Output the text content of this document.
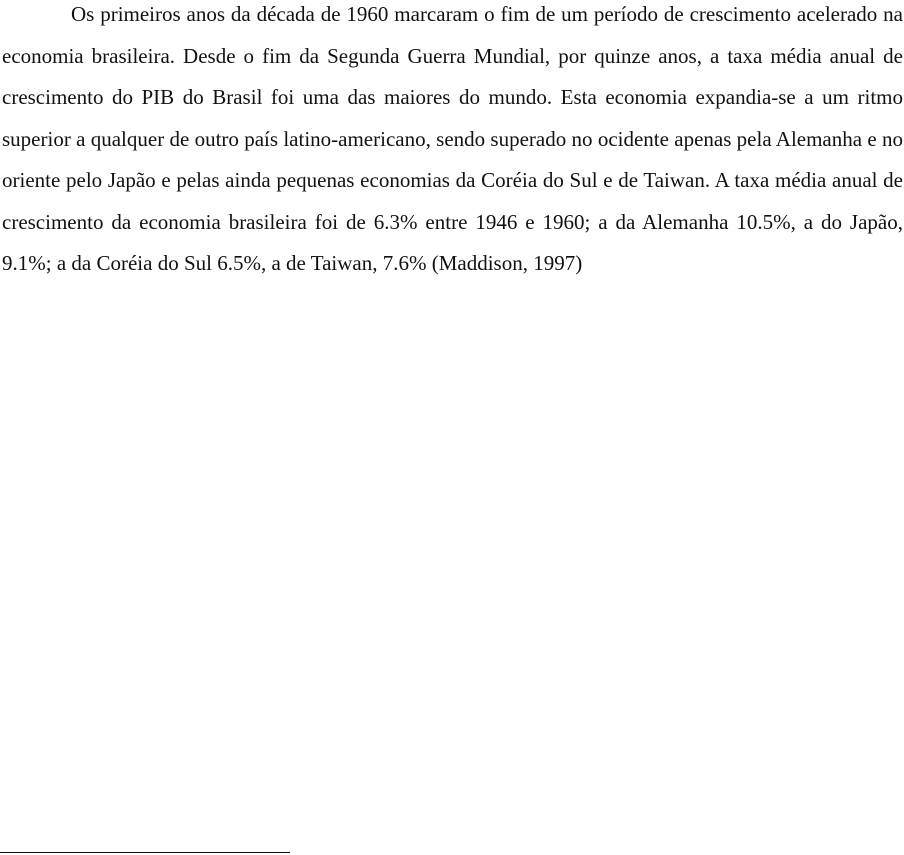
Os primeiros anos da década de 1960 marcaram o fim de um período de crescimento acelerado na economia brasileira. Desde o fim da Segunda Guerra Mundial, por quinze anos, a taxa média anual de crescimento do PIB do Brasil foi uma das maiores do mundo. Esta economia expandia-se a um ritmo superior a qualquer de outro país latino-americano, sendo superado no ocidente apenas pela Alemanha e no oriente pelo Japão e pelas ainda pequenas economias da Coréia do Sul e de Taiwan. A taxa média anual de crescimento da economia brasileira foi de 6.3% entre 1946 e 1960; a da Alemanha 10.5%, a do Japão, 9.1%; a da Coréia do Sul 6.5%, a de Taiwan, 7.6% (Maddison, 1997)
